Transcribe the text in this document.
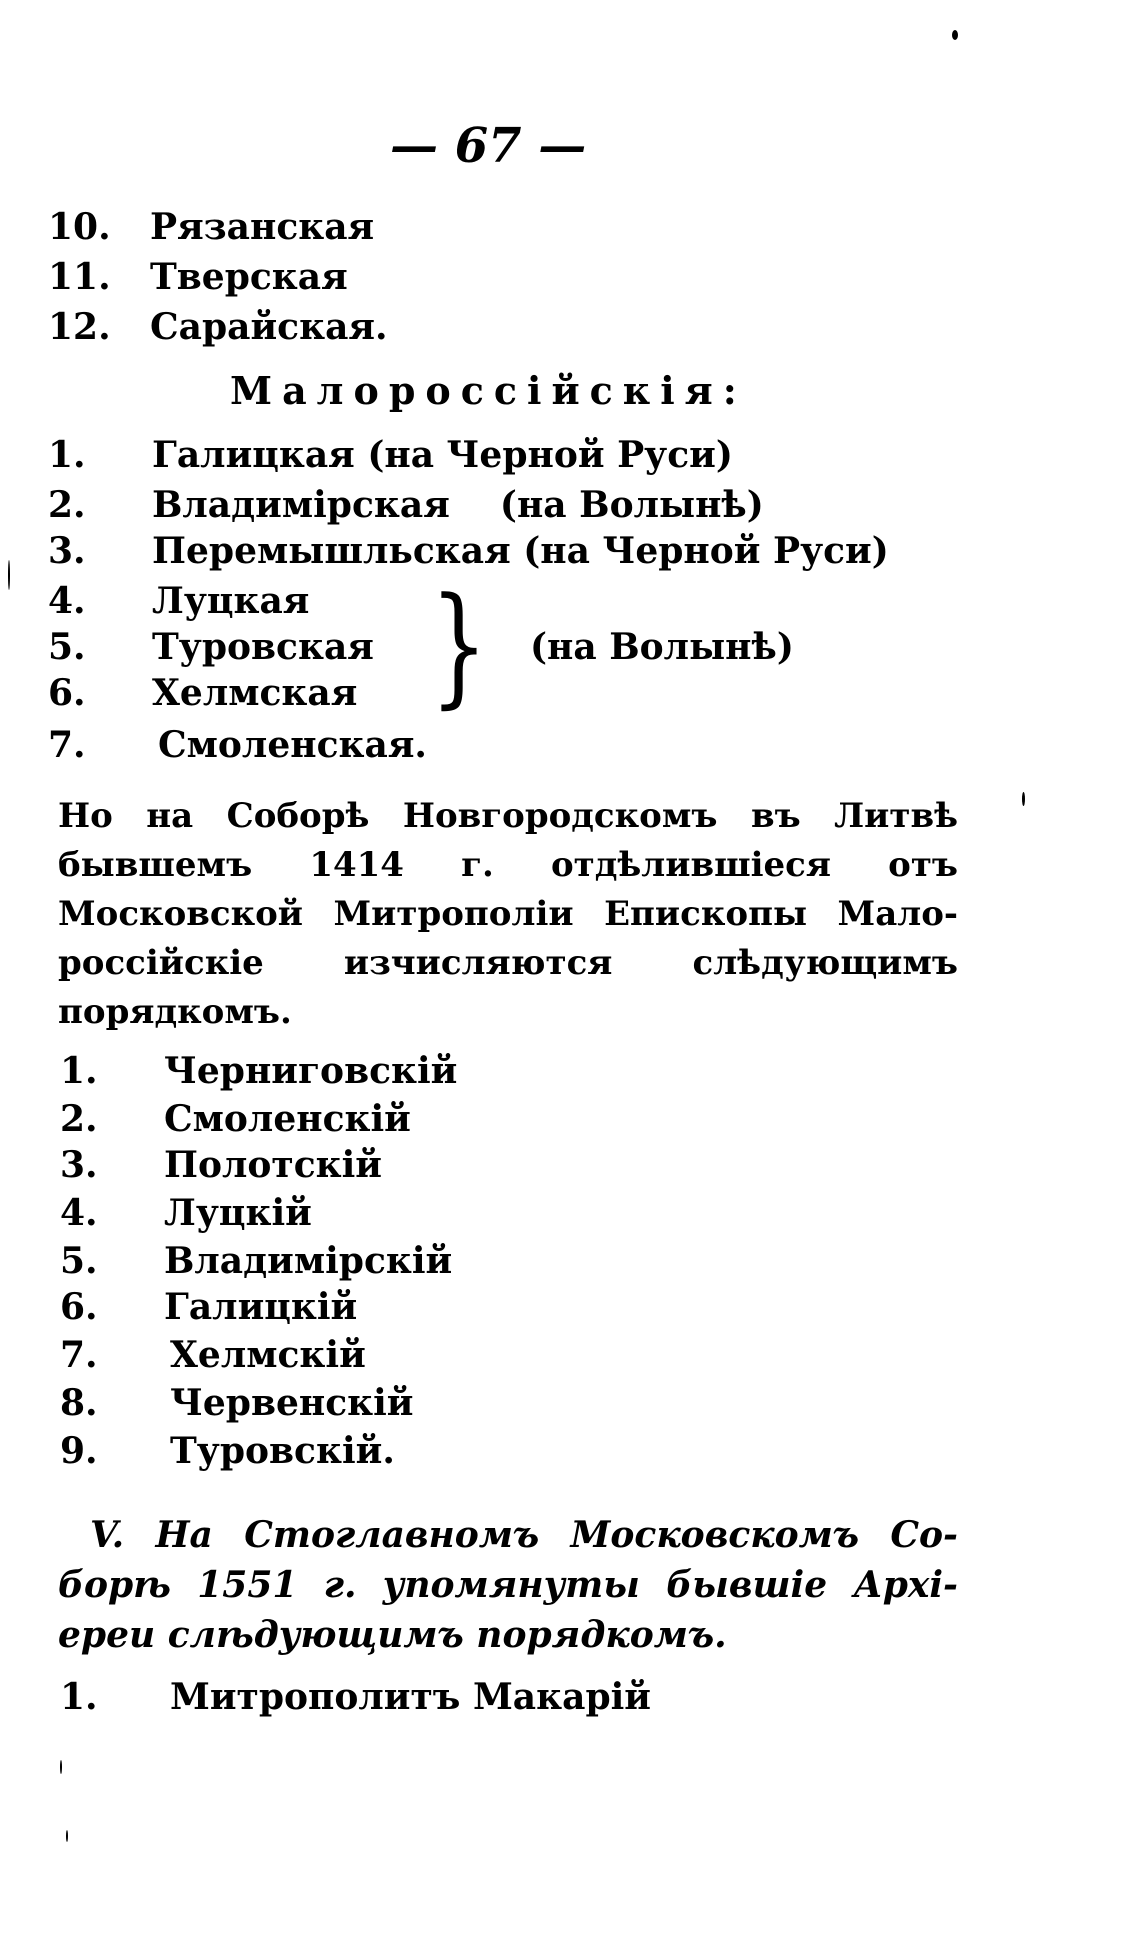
— 67 —
10.	Рязанская
11.	Тверская
12.	Сарайская.
Малороссійскія:
1.	Галицкая (на Черной Руси)
2.	Владимірская    (на Волынѣ)
3.	Перемышльская (на Черной Руси)
4.	Луцкая
5.	Туровская
6.	Хелмская
7.	Смоленская.
} (на Волынѣ)
Но на Соборѣ Новгородскомъ въ Литвѣ
бывшемъ 1414 г. отдѣлившіеся отъ
Московской Митрополіи Епископы Мало-
россійскіе изчисляются слѣдующимъ
порядкомъ.
1.	Черниговскій
2.	Смоленскій
3.	Полотскій
4.	Луцкій
5.	Владимірскій
6.	Галицкій
7.	Хелмскій
8.	Червенскій
9.	Туровскій.
V. На Стоглавномъ Московскомъ Со-
борѣ 1551 г. упомянуты бывшіе Архі-
ереи слѣдующимъ порядкомъ.
1.	Митрополитъ Макарій
